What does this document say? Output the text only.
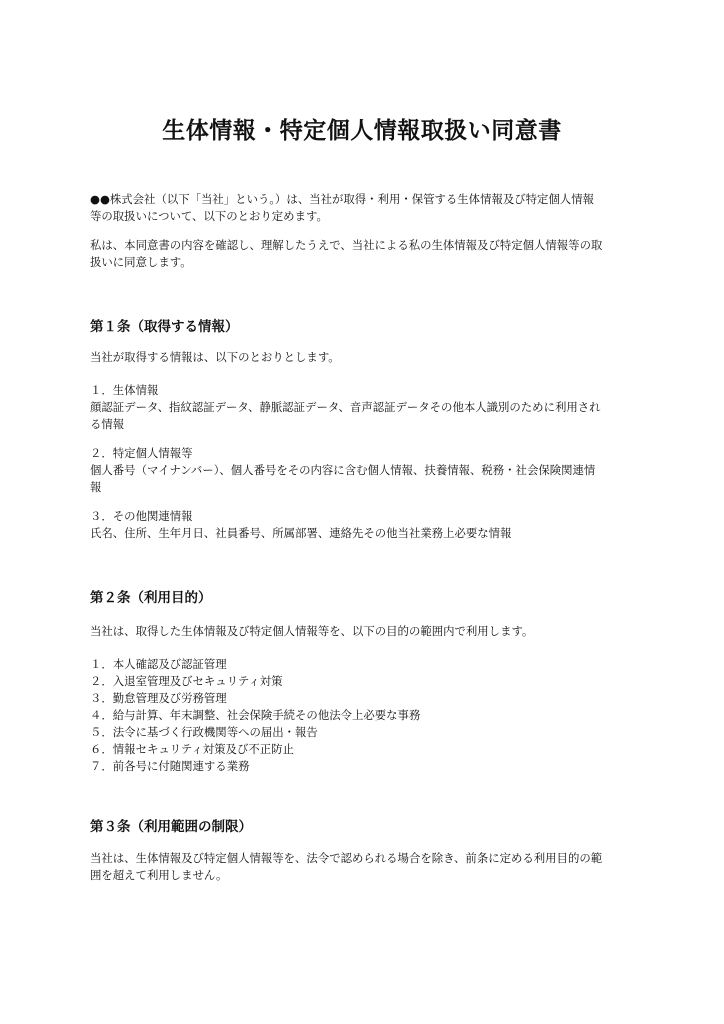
生体情報・特定個人情報取扱い同意書

●●株式会社（以下「当社」という。）は、当社が取得・利用・保管する生体情報及び特定個人情報
等の取扱いについて、以下のとおり定めます。

私は、本同意書の内容を確認し、理解したうえで、当社による私の生体情報及び特定個人情報等の取
扱いに同意します。

第１条（取得する情報）

当社が取得する情報は、以下のとおりとします。

１．生体情報
顔認証データ、指紋認証データ、静脈認証データ、音声認証データその他本人識別のために利用され
る情報

２．特定個人情報等
個人番号（マイナンバー）、個人番号をその内容に含む個人情報、扶養情報、税務・社会保険関連情
報

３．その他関連情報
氏名、住所、生年月日、社員番号、所属部署、連絡先その他当社業務上必要な情報

第２条（利用目的）

当社は、取得した生体情報及び特定個人情報等を、以下の目的の範囲内で利用します。

１．本人確認及び認証管理
２．入退室管理及びセキュリティ対策
３．勤怠管理及び労務管理
４．給与計算、年末調整、社会保険手続その他法令上必要な事務
５．法令に基づく行政機関等への届出・報告
６．情報セキュリティ対策及び不正防止
７．前各号に付随関連する業務
第３条（利用範囲の制限）

当社は、生体情報及び特定個人情報等を、法令で認められる場合を除き、前条に定める利用目的の範
囲を超えて利用しません。
